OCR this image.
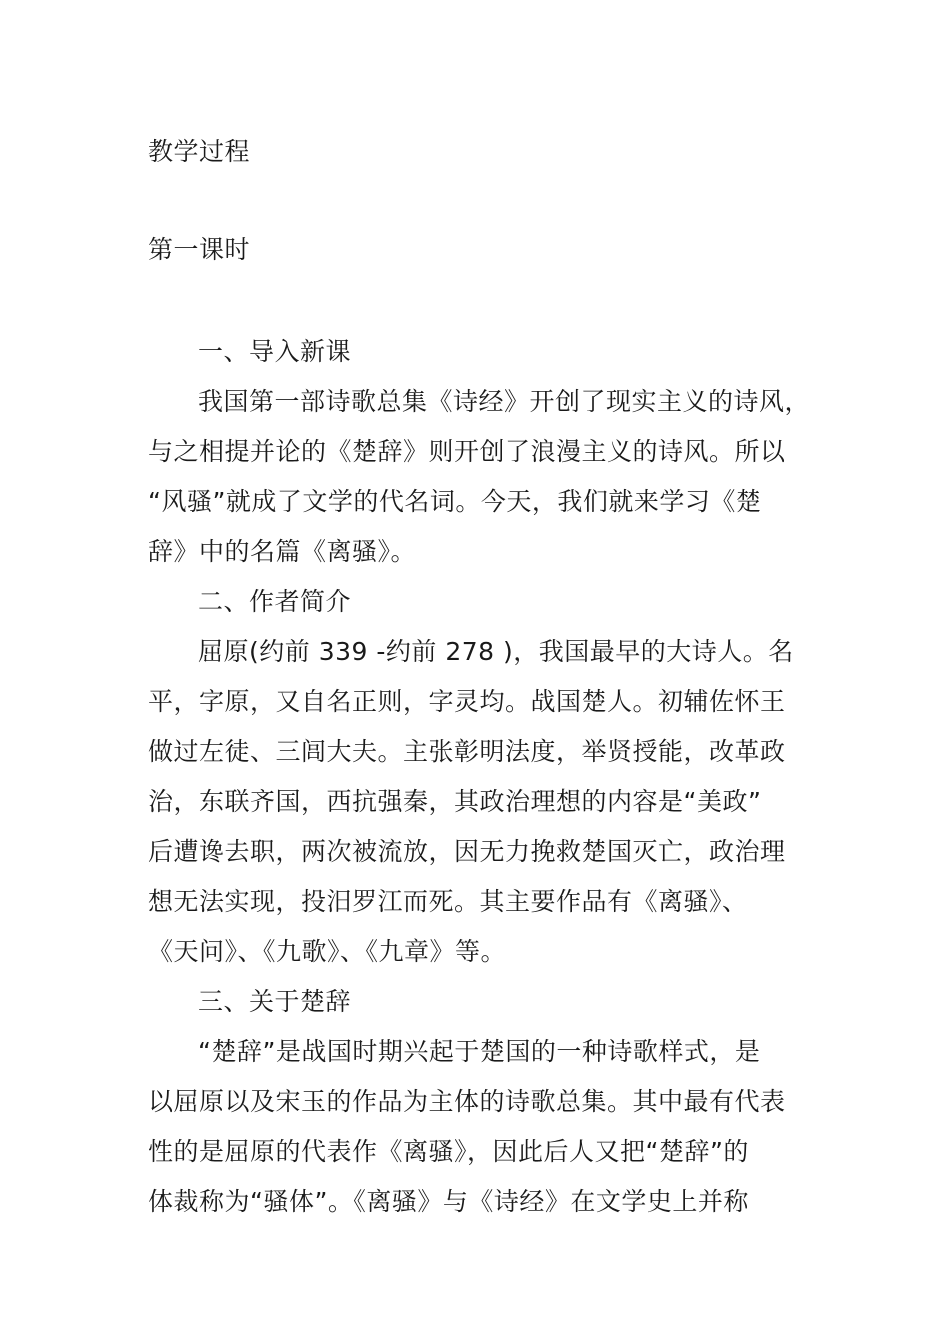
教学过程
第一课时
一、导入新课
我国第一部诗歌总集《诗经》开创了现实主义的诗风，
与之相提并论的《楚辞》则开创了浪漫主义的诗风。所以
“风骚”就成了文学的代名词。今天，我们就来学习《楚
辞》中的名篇《离骚》。
二、作者简介
屈原(约前 339 -约前 278 )，我国最早的大诗人。名
平，字原，又自名正则，字灵均。战国楚人。初辅佐怀王
做过左徒、三闾大夫。主张彰明法度，举贤授能，改革政
治，东联齐国，西抗强秦，其政治理想的内容是“美政”
后遭谗去职，两次被流放，因无力挽救楚国灭亡，政治理
想无法实现，投汨罗江而死。其主要作品有《离骚》、
《天问》、《九歌》、《九章》等。
三、关于楚辞
“楚辞”是战国时期兴起于楚国的一种诗歌样式，是
以屈原以及宋玉的作品为主体的诗歌总集。其中最有代表
性的是屈原的代表作《离骚》，因此后人又把“楚辞”的
体裁称为“骚体”。《离骚》与《诗经》在文学史上并称
